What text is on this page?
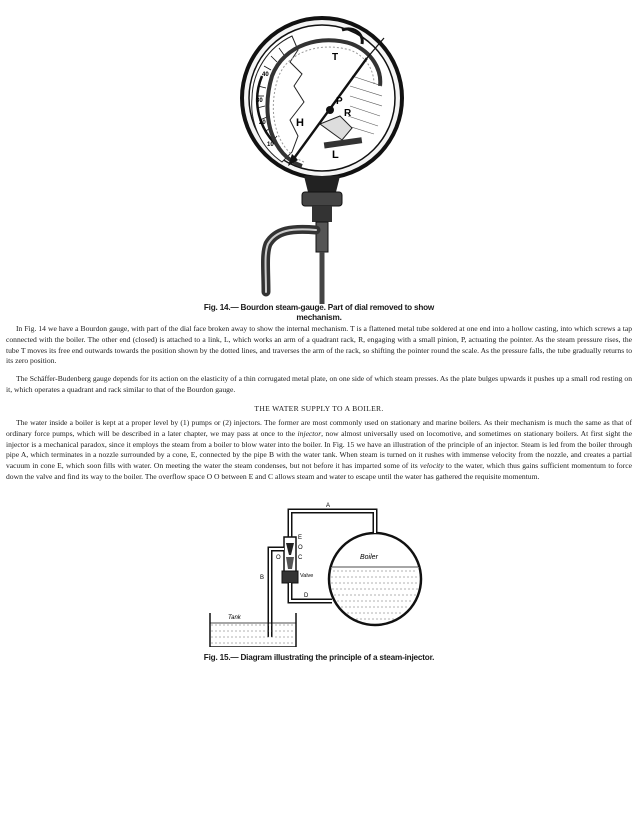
T
P
R
H
L
40
30
20
10
Fig. 14.— Bourdon steam-gauge. Part of dial removed to show
mechanism.

In Fig. 14 we have a Bourdon gauge, with part of the dial face broken away to show the internal mechanism. T is a flattened metal tube soldered at one end into a hollow casting, into which screws a tap connected with the boiler. The other end (closed) is attached to a link, L, which works an arm of a quadrant rack, R, engaging with a small pinion, P, actuating the pointer. As the steam pressure rises, the tube T moves its free end outwards towards the position shown by the dotted lines, and traverses the arm of the rack, so shifting the pointer round the scale. As the pressure falls, the tube gradually returns to its zero position.

The Schäffer-Budenberg gauge depends for its action on the elasticity of a thin corrugated metal plate, on one side of which steam presses. As the plate bulges upwards it pushes up a small rod resting on it, which operates a quadrant and rack similar to that of the Bourdon gauge.

THE WATER SUPPLY TO A BOILER.

The water inside a boiler is kept at a proper level by (1) pumps or (2) injectors. The former are most commonly used on stationary and marine boilers. As their mechanism is much the same as that of ordinary force pumps, which will be described in a later chapter, we may pass at once to the injector, now almost universally used on locomotive, and sometimes on stationary boilers. At first sight the injector is a mechanical paradox, since it employs the steam from a boiler to blow water into the boiler. In Fig. 15 we have an illustration of the principle of an injector. Steam is led from the boiler through pipe A, which terminates in a nozzle surrounded by a cone, E, connected by the pipe B with the water tank. When steam is turned on it rushes with immense velocity from the nozzle, and creates a partial vacuum in cone E, which soon fills with water. On meeting the water the steam condenses, but not before it has imparted some of its velocity to the water, which thus gains sufficient momentum to force down the valve and find its way to the boiler. The overflow space O O between E and C allows steam and water to escape until the water has gathered the requisite momentum.

A
E
O
O	C
Valve
B
D
Boiler
Tank
Fig. 15.— Diagram illustrating the principle of a steam-injector.
